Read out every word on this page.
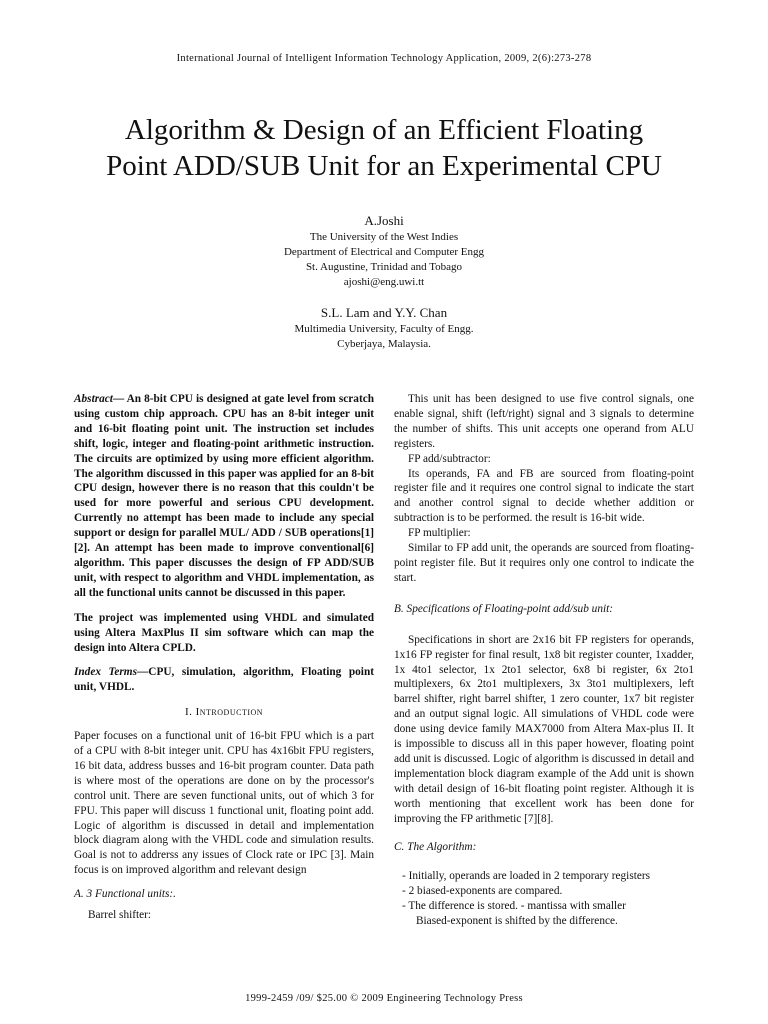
International Journal of Intelligent Information Technology Application, 2009, 2(6):273-278
Algorithm & Design of an Efficient Floating
Point ADD/SUB Unit for an Experimental CPU

A.Joshi

The University of the West Indies

Department of Electrical and Computer Engg

St. Augustine, Trinidad and Tobago

ajoshi@eng.uwi.tt

S.L. Lam and Y.Y. Chan

Multimedia University, Faculty of Engg.

Cyberjaya, Malaysia.

Abstract— An 8-bit CPU is designed at gate level from scratch using custom chip approach. CPU has an 8-bit integer unit and 16-bit floating point unit. The instruction set includes shift, logic, integer and floating-point arithmetic instruction. The circuits are optimized by using more efficient algorithm. The algorithm discussed in this paper was applied for an 8-bit CPU design, however there is no reason that this couldn't be used for more powerful and serious CPU development. Currently no attempt has been made to include any special support or design for parallel MUL/ ADD / SUB operations[1][2]. An attempt has been made to improve conventional[6] algorithm. This paper discusses the design of FP ADD/SUB unit, with respect to algorithm and VHDL implementation, as all the functional units cannot be discussed in this paper.

The project was implemented using VHDL and simulated using Altera MaxPlus II sim software which can map the design into Altera CPLD.

Index Terms—CPU, simulation, algorithm, Floating point unit, VHDL.

I. Introduction

Paper focuses on a functional unit of 16-bit FPU which is a part of a CPU with 8-bit integer unit. CPU has 4x16bit FPU registers, 16 bit data, address busses and 16-bit program counter. Data path is where most of the operations are done on by the processor's control unit. There are seven functional units, out of which 3 for FPU. This paper will discuss 1 functional unit, floating point add. Logic of algorithm is discussed in detail and implementation block diagram along with the VHDL code and simulation results. Goal is not to addrerss any issues of Clock rate or IPC [3]. Main focus is on improved algorithm and relevant design

A. 3 Functional units:.

Barrel shifter:

This unit has been designed to use five control signals, one enable signal, shift (left/right) signal and 3 signals to determine the number of shifts. This unit accepts one operand from ALU registers.

FP add/subtractor:

Its operands, FA and FB are sourced from floating-point register file and it requires one control signal to indicate the start and another control signal to decide whether addition or subtraction is to be performed. the result is 16-bit wide.

FP multiplier:

Similar to FP add unit, the operands are sourced from floating-point register file. But it requires only one control to indicate the start.

B. Specifications of Floating-point add/sub unit:

Specifications in short are 2x16 bit FP registers for operands, 1x16 FP register for final result, 1x8 bit register counter, 1xadder, 1x 4to1 selector, 1x 2to1 selector, 6x8 bi register, 6x 2to1 multiplexers, 6x 2to1 multiplexers, 3x 3to1 multiplexers, left barrel shifter, right barrel shifter, 1 zero counter, 1x7 bit register and an output signal logic. All simulations of VHDL code were done using device family MAX7000 from Altera Max-plus II. It is impossible to discuss all in this paper however, floating point add unit is discussed. Logic of algorithm is discussed in detail and implementation block diagram example of the Add unit is shown with detail design of 16-bit floating point register. Although it is worth mentioning that excellent work has been done for improving the FP arithmetic [7][8].

C. The Algorithm:

- Initially, operands are loaded in 2 temporary registers

- 2 biased-exponents are compared.

- The difference is stored. - mantissa with smaller

Biased-exponent is shifted by the difference.

1999-2459 /09/ $25.00 © 2009 Engineering Technology Press
